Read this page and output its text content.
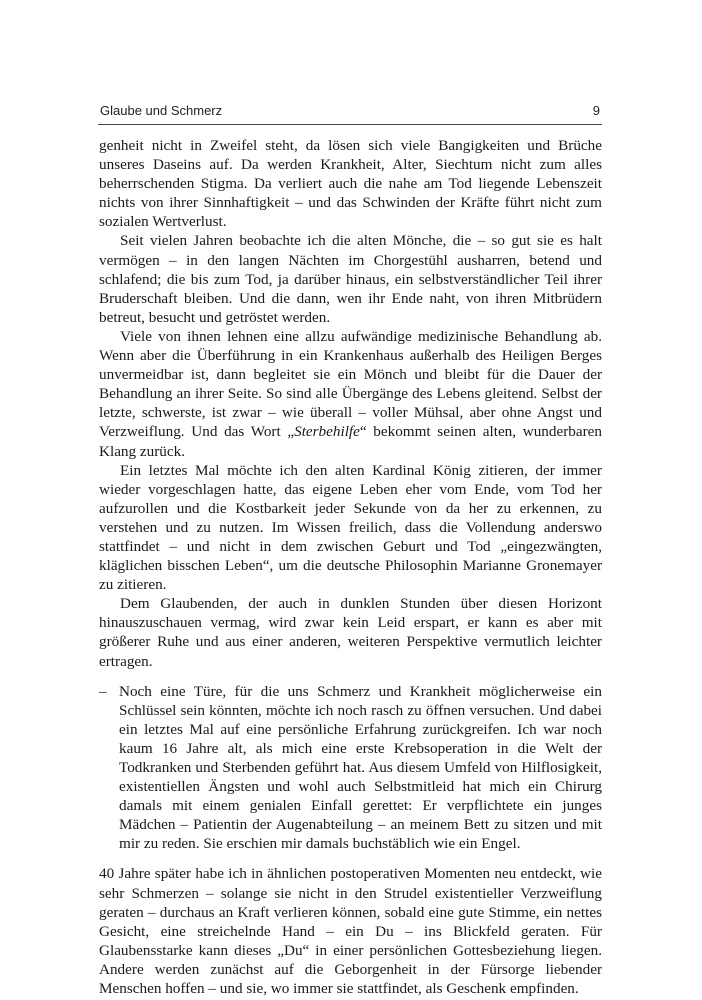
Glaube und Schmerz	9

genheit nicht in Zweifel steht, da lösen sich viele Bangigkeiten und Brüche unseres Daseins auf. Da werden Krankheit, Alter, Siechtum nicht zum alles beherrschenden Stigma. Da verliert auch die nahe am Tod liegende Lebenszeit nichts von ihrer Sinnhaftigkeit – und das Schwinden der Kräfte führt nicht zum sozialen Wertverlust.

Seit vielen Jahren beobachte ich die alten Mönche, die – so gut sie es halt vermögen – in den langen Nächten im Chorgestühl ausharren, betend und schlafend; die bis zum Tod, ja darüber hinaus, ein selbstverständlicher Teil ihrer Bruderschaft bleiben. Und die dann, wen ihr Ende naht, von ihren Mitbrüdern betreut, besucht und getröstet werden.

Viele von ihnen lehnen eine allzu aufwändige medizinische Behandlung ab. Wenn aber die Überführung in ein Krankenhaus außerhalb des Heiligen Berges unvermeidbar ist, dann begleitet sie ein Mönch und bleibt für die Dauer der Behandlung an ihrer Seite. So sind alle Übergänge des Lebens gleitend. Selbst der letzte, schwerste, ist zwar – wie überall – voller Mühsal, aber ohne Angst und Verzweiflung. Und das Wort „Sterbehilfe“ bekommt seinen alten, wunderbaren Klang zurück.

Ein letztes Mal möchte ich den alten Kardinal König zitieren, der immer wieder vorgeschlagen hatte, das eigene Leben eher vom Ende, vom Tod her aufzurollen und die Kostbarkeit jeder Sekunde von da her zu erkennen, zu verstehen und zu nutzen. Im Wissen freilich, dass die Vollendung anderswo stattfindet – und nicht in dem zwischen Geburt und Tod „eingezwängten, kläglichen bisschen Leben“, um die deutsche Philosophin Marianne Gronemayer zu zitieren.

Dem Glaubenden, der auch in dunklen Stunden über diesen Horizont hinauszuschauen vermag, wird zwar kein Leid erspart, er kann es aber mit größerer Ruhe und aus einer anderen, weiteren Perspektive vermutlich leichter ertragen.

– Noch eine Türe, für die uns Schmerz und Krankheit möglicherweise ein Schlüssel sein könnten, möchte ich noch rasch zu öffnen versuchen. Und dabei ein letztes Mal auf eine persönliche Erfahrung zurückgreifen. Ich war noch kaum 16 Jahre alt, als mich eine erste Krebsoperation in die Welt der Todkranken und Sterbenden geführt hat. Aus diesem Umfeld von Hilflosigkeit, existentiellen Ängsten und wohl auch Selbstmitleid hat mich ein Chirurg damals mit einem genialen Einfall gerettet: Er verpflichtete ein junges Mädchen – Patientin der Augenabteilung – an meinem Bett zu sitzen und mit mir zu reden. Sie erschien mir damals buchstäblich wie ein Engel.

40 Jahre später habe ich in ähnlichen postoperativen Momenten neu entdeckt, wie sehr Schmerzen – solange sie nicht in den Strudel existentieller Verzweiflung geraten – durchaus an Kraft verlieren können, sobald eine gute Stimme, ein nettes Gesicht, eine streichelnde Hand – ein Du – ins Blickfeld geraten. Für Glaubensstarke kann dieses „Du“ in einer persönlichen Gottesbeziehung liegen. Andere werden zunächst auf die Geborgenheit in der Fürsorge liebender Menschen hoffen – und sie, wo immer sie stattfindet, als Geschenk empfinden.
